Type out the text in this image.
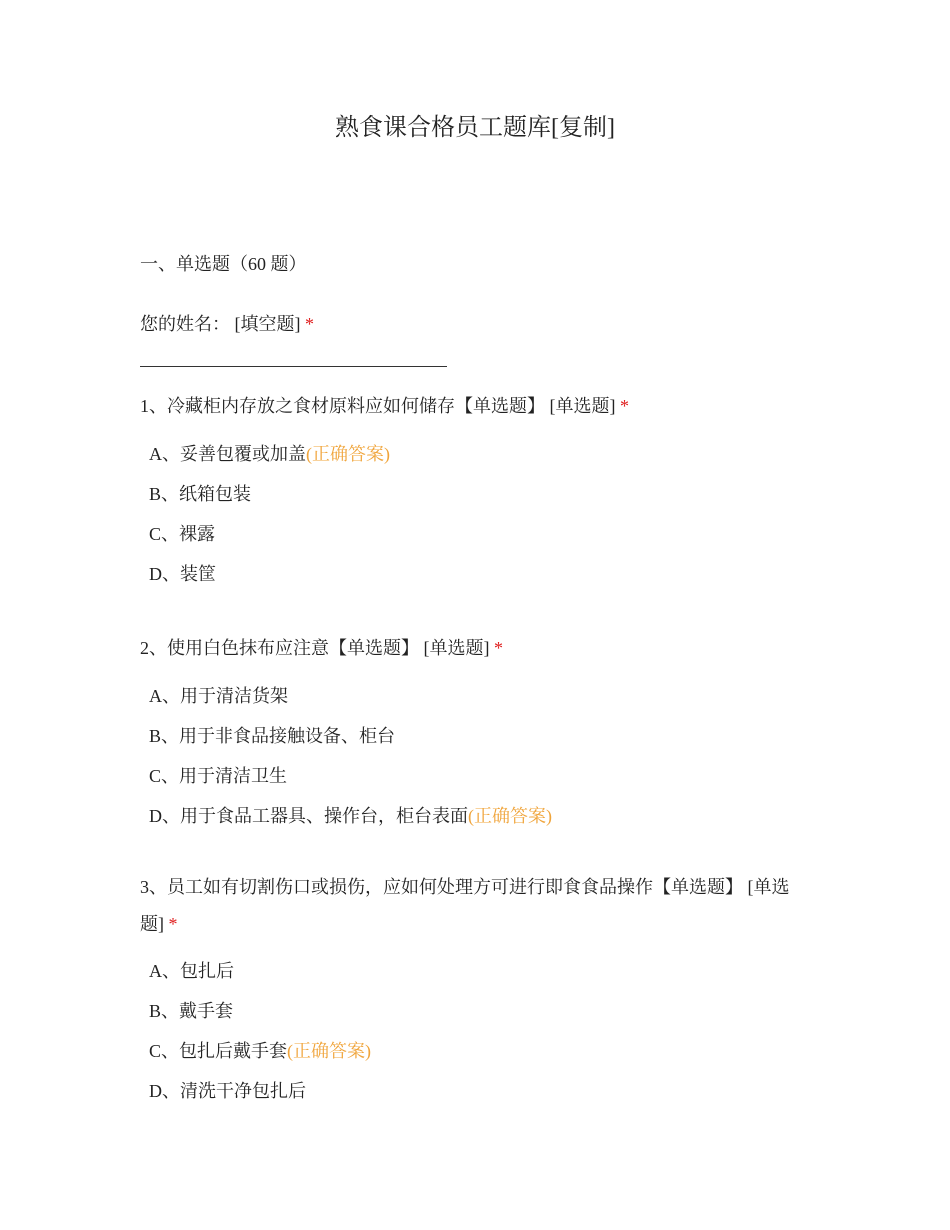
熟食课合格员工题库[复制]
一、单选题（60 题）
您的姓名： [填空题] *

1、冷藏柜内存放之食材原料应如何储存【单选题】 [单选题] *

A、妥善包覆或加盖(正确答案)
B、纸箱包装
C、裸露
D、装筐

2、使用白色抹布应注意【单选题】 [单选题] *

A、用于清洁货架
B、用于非食品接触设备、柜台
C、用于清洁卫生
D、用于食品工器具、操作台，柜台表面(正确答案)

3、员工如有切割伤口或损伤，应如何处理方可进行即食食品操作【单选题】 [单选题] *

A、包扎后
B、戴手套
C、包扎后戴手套(正确答案)
D、清洗干净包扎后
